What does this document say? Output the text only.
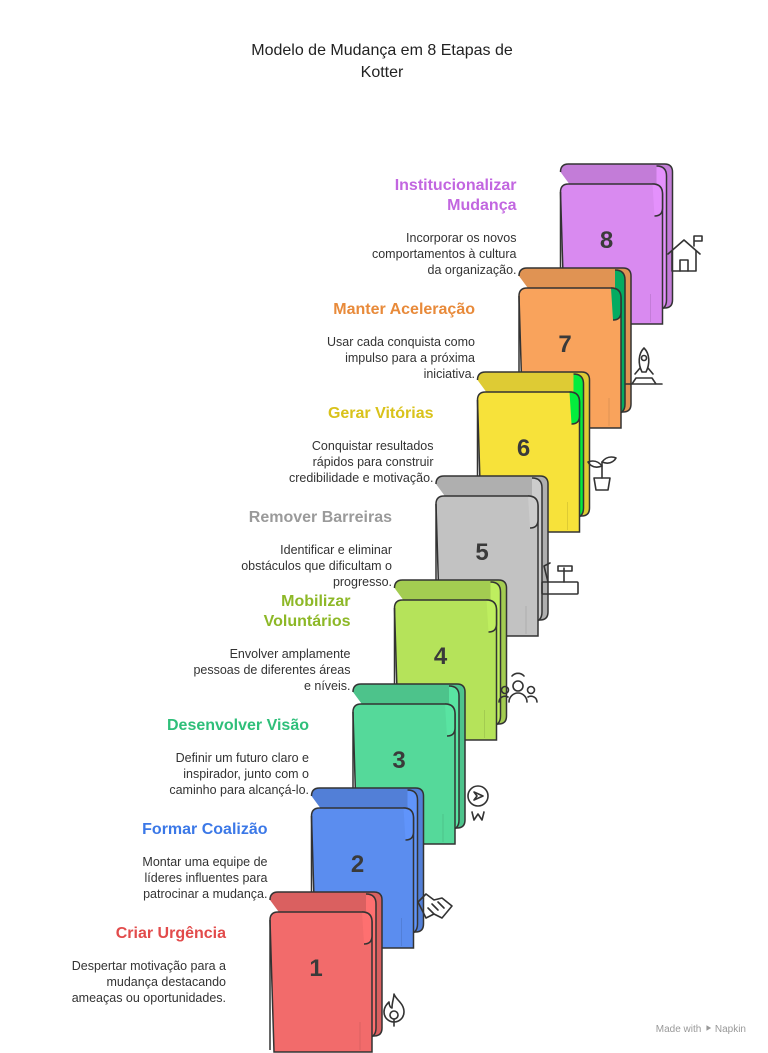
Modelo de Mudança em 8 Etapas de
Kotter
8
7
6
5
4
3
2
1
Institucionalizar
Mudança
Incorporar os novos
comportamentos à cultura
da organização.
Manter Aceleração
Usar cada conquista como
impulso para a próxima
iniciativa.
Gerar Vitórias
Conquistar resultados
rápidos para construir
credibilidade e motivação.
Remover Barreiras
Identificar e eliminar
obstáculos que dificultam o
progresso.
Mobilizar
Voluntários
Envolver amplamente
pessoas de diferentes áreas
e níveis.
Desenvolver Visão
Definir um futuro claro e
inspirador, junto com o
caminho para alcançá-lo.
Formar Coalizão
Montar uma equipe de
líderes influentes para
patrocinar a mudança.
Criar Urgência
Despertar motivação para a
mudança destacando
ameaças ou oportunidades.
Made with ⯈ Napkin
